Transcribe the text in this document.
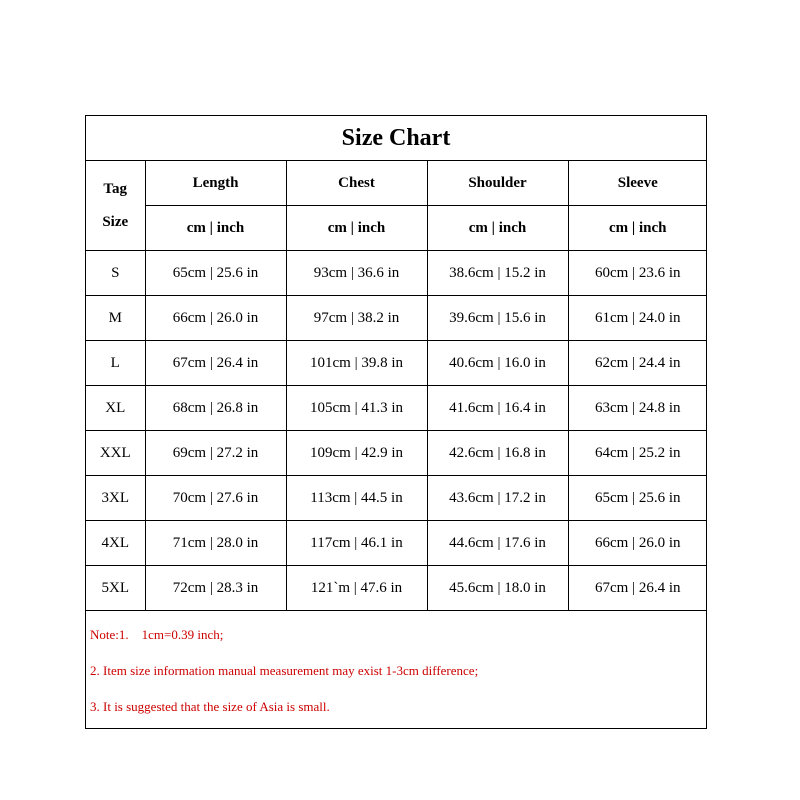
Size Chart
Tag
Size	Length	Chest	Shoulder	Sleeve
	cm | inch	cm | inch	cm | inch	cm | inch
S	65cm | 25.6 in	93cm | 36.6 in	38.6cm | 15.2 in	60cm | 23.6 in
M	66cm | 26.0 in	97cm | 38.2 in	39.6cm | 15.6 in	61cm | 24.0 in
L	67cm | 26.4 in	101cm | 39.8 in	40.6cm | 16.0 in	62cm | 24.4 in
XL	68cm | 26.8 in	105cm | 41.3 in	41.6cm | 16.4 in	63cm | 24.8 in
XXL	69cm | 27.2 in	109cm | 42.9 in	42.6cm | 16.8 in	64cm | 25.2 in
3XL	70cm | 27.6 in	113cm | 44.5 in	43.6cm | 17.2 in	65cm | 25.6 in
4XL	71cm | 28.0 in	117cm | 46.1 in	44.6cm | 17.6 in	66cm | 26.0 in
5XL	72cm | 28.3 in	121`m | 47.6 in	45.6cm | 18.0 in	67cm | 26.4 in
Note:1.    1cm=0.39 inch;
2. Item size information manual measurement may exist 1-3cm difference;
3. It is suggested that the size of Asia is small.
